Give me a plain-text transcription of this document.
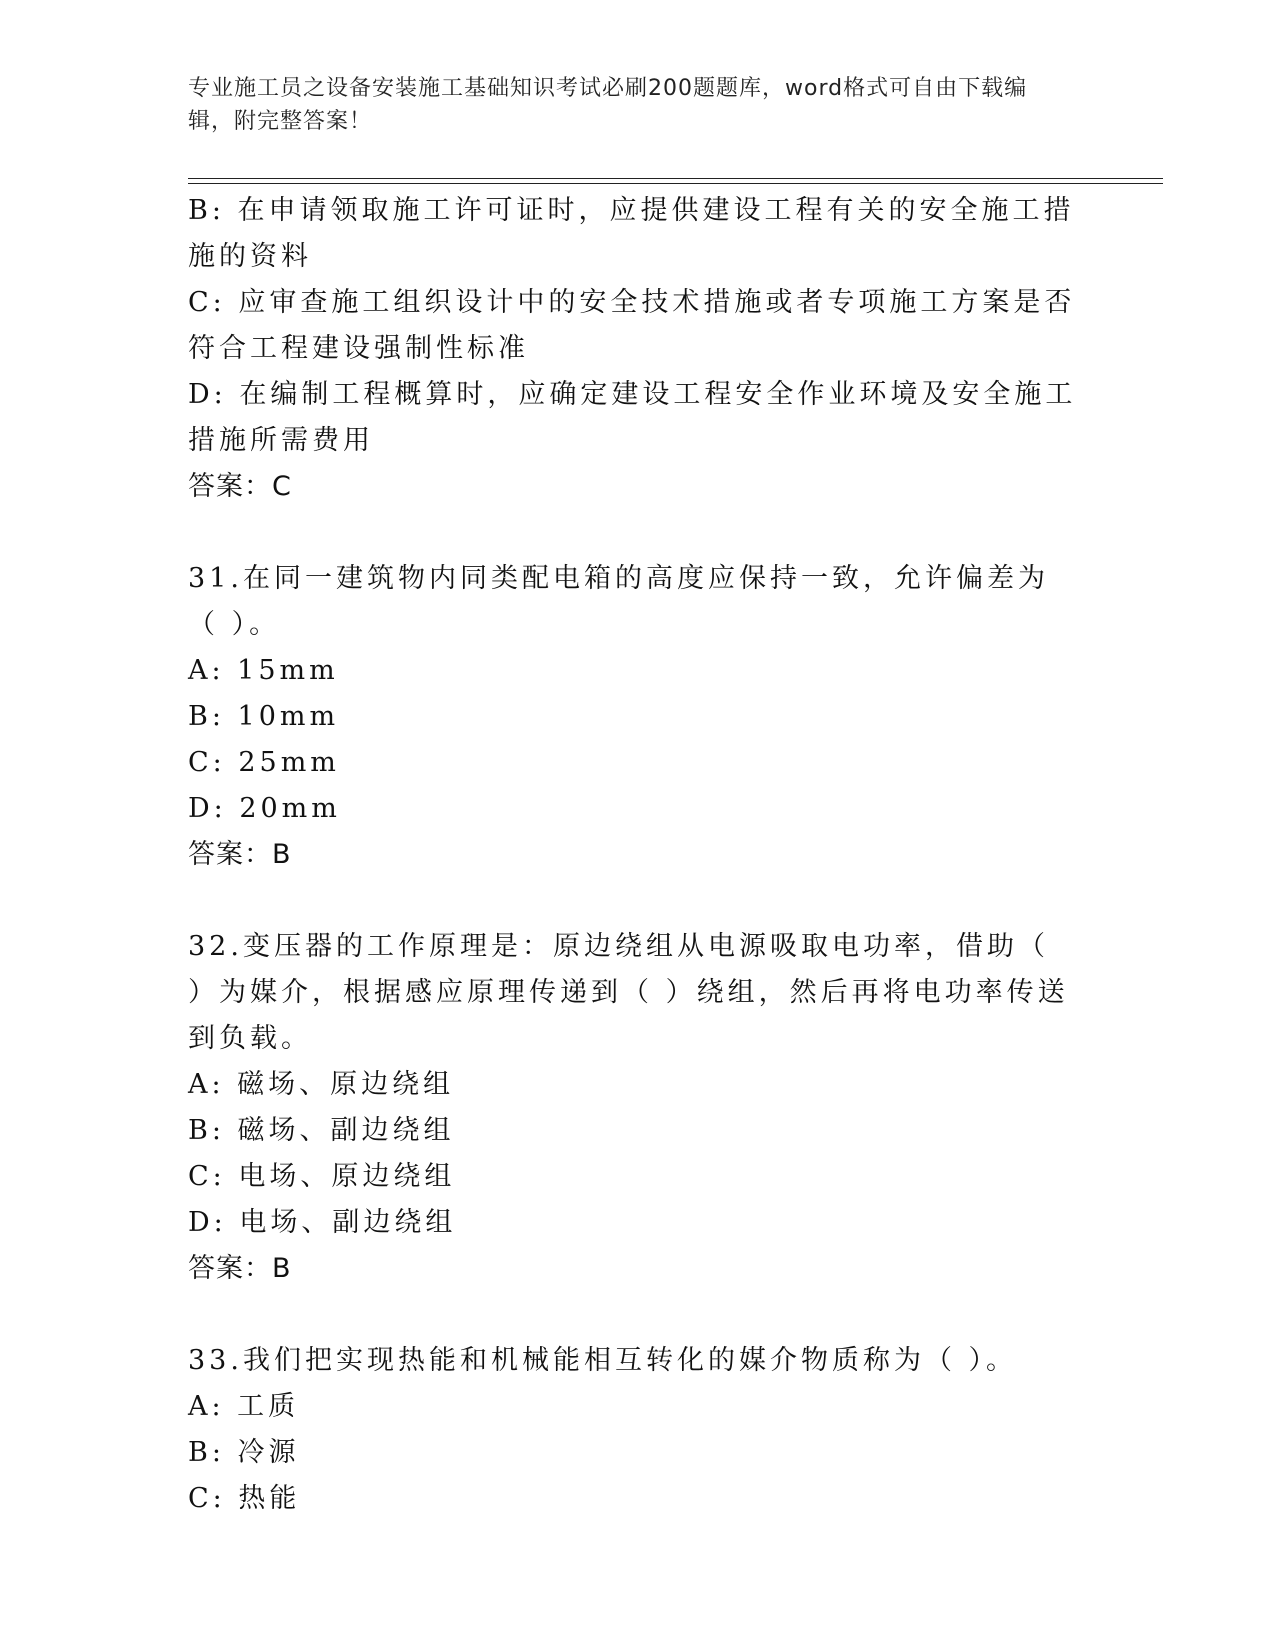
专业施工员之设备安装施工基础知识考试必刷200题题库，word格式可自由下载编辑，附完整答案！
B: 在申请领取施工许可证时，应提供建设工程有关的安全施工措施的资料
C: 应审查施工组织设计中的安全技术措施或者专项施工方案是否符合工程建设强制性标准
D: 在编制工程概算时，应确定建设工程安全作业环境及安全施工措施所需费用
答案：C
31.在同一建筑物内同类配电箱的高度应保持一致，允许偏差为（ ）。
A: 15mm
B: 10mm
C: 25mm
D: 20mm
答案：B
32.变压器的工作原理是：原边绕组从电源吸取电功率，借助（ ）为媒介，根据感应原理传递到（ ）绕组，然后再将电功率传送到负载。
A: 磁场、原边绕组
B: 磁场、副边绕组
C: 电场、原边绕组
D: 电场、副边绕组
答案：B
33.我们把实现热能和机械能相互转化的媒介物质称为（ ）。
A: 工质
B: 冷源
C: 热能
